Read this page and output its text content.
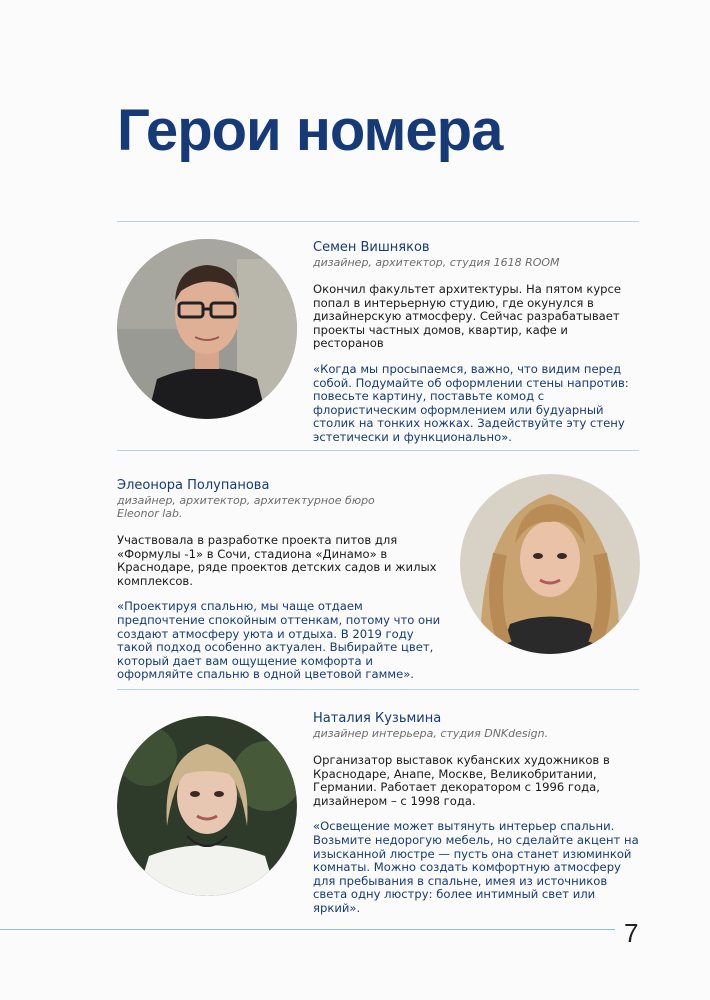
Герои номера

Семен Вишняков

дизайнер, архитектор, студия 1618 ROOM

Окончил факультет архитектуры. На пятом курсе попал в интерьерную студию, где окунулся в дизайнерскую атмосферу. Сейчас разрабатывает проекты частных домов, квартир, кафе и ресторанов

«Когда мы просыпаемся, важно, что видим перед собой. Подумайте об оформлении стены напротив: повесьте картину, поставьте комод с флористическим оформлением или будуарный столик на тонких ножках. Задействуйте эту стену эстетически и функционально».

Элеонора Полупанова

дизайнер, архитектор, архитектурное бюро Eleonor lab.

Участвовала в разработке проекта питов для «Формулы -1» в Сочи, стадиона «Динамо» в Краснодаре, ряде проектов детских садов и жилых комплексов.

«Проектируя спальню, мы чаще отдаем предпочтение спокойным оттенкам, потому что они создают атмосферу уюта и отдыха. В 2019 году такой подход особенно актуален. Выбирайте цвет, который дает вам ощущение комфорта и оформляйте спальню в одной цветовой гамме».

Наталия Кузьмина

дизайнер интерьера, студия DNKdesign.

Организатор выставок кубанских художников в Краснодаре, Анапе, Москве, Великобритании, Германии. Работает декоратором с 1996 года, дизайнером – с 1998 года.

«Освещение может вытянуть интерьер спальни. Возьмите недорогую мебель, но сделайте акцент на изысканной люстре — пусть она станет изюминкой комнаты. Можно создать комфортную атмосферу для пребывания в спальне, имея из источников света одну люстру: более интимный свет или яркий».

7
